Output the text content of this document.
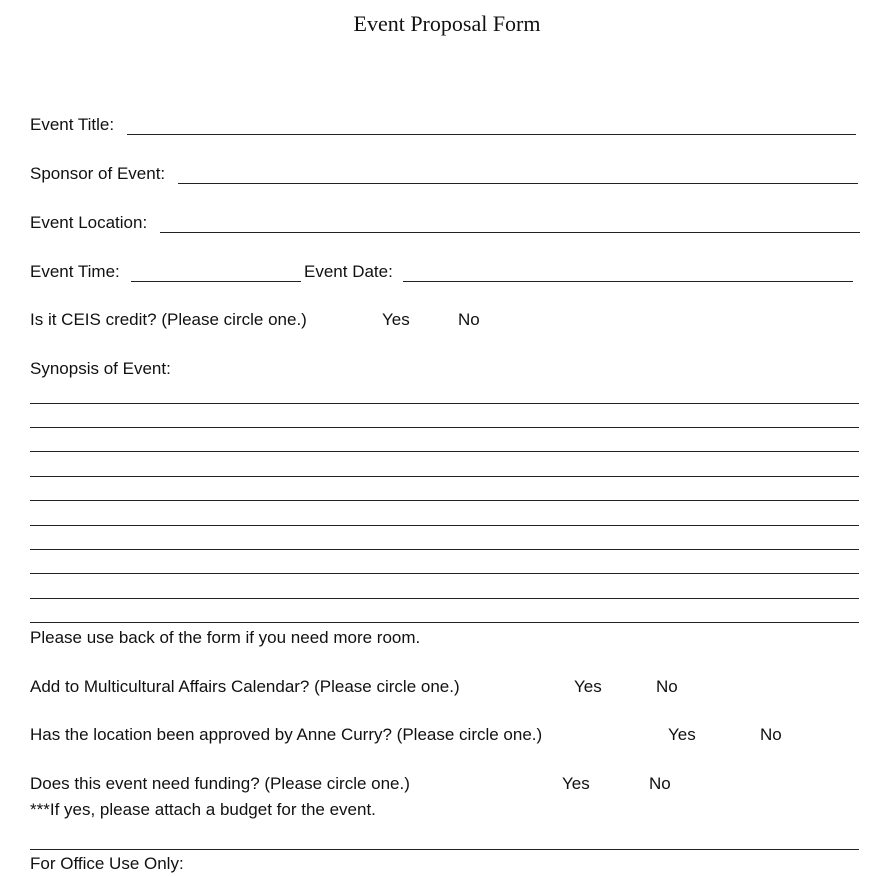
Event Proposal Form
Event Title:
Sponsor of Event:
Event Location:
Event Time:	Event Date:
Is it CEIS credit? (Please circle one.)	Yes	No
Synopsis of Event:
Please use back of the form if you need more room.
Add to Multicultural Affairs Calendar? (Please circle one.)	Yes	No
Has the location been approved by Anne Curry? (Please circle one.)	Yes	No
Does this event need funding? (Please circle one.)	Yes	No
***If yes, please attach a budget for the event.
For Office Use Only:
